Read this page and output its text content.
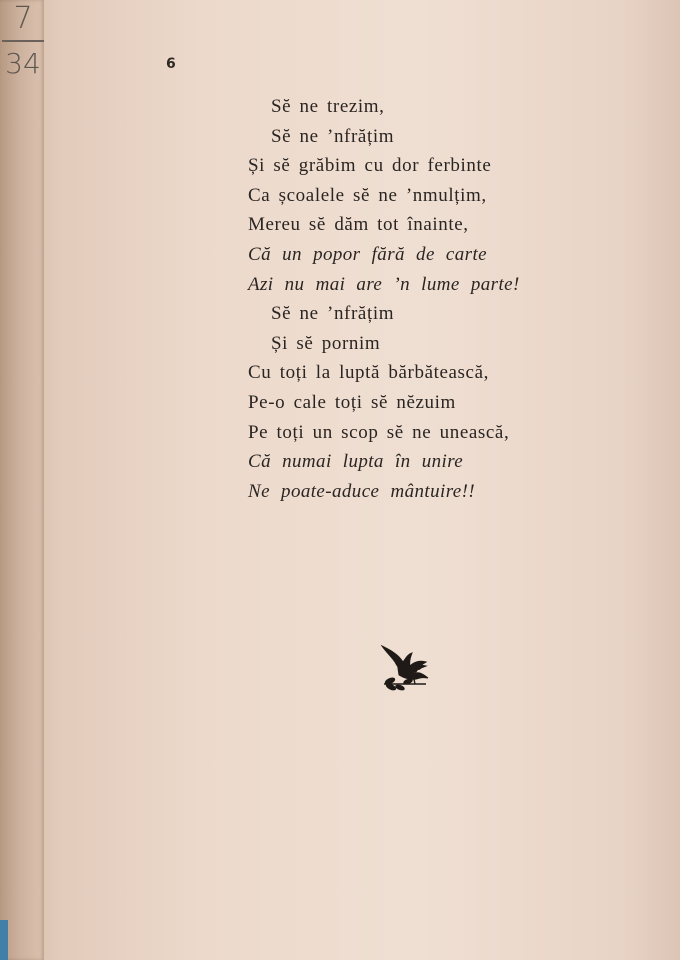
7
34	6
Sĕ ne trezim,
Sĕ ne ’nfrățim
Și sĕ grăbim cu dor ferbinte
Ca școalele sĕ ne ’nmulțim,
Mereu sĕ dăm tot înainte,
Că un popor fără de carte
Azi nu mai are ’n lume parte!
Sĕ ne ’nfrățim
Și sĕ pornim
Cu toți la luptă bărbătească,
Pe-o cale toți sĕ nĕzuim
Pe toți un scop sĕ ne unească,
Că numai lupta în unire
Ne poate-aduce mântuire!!
